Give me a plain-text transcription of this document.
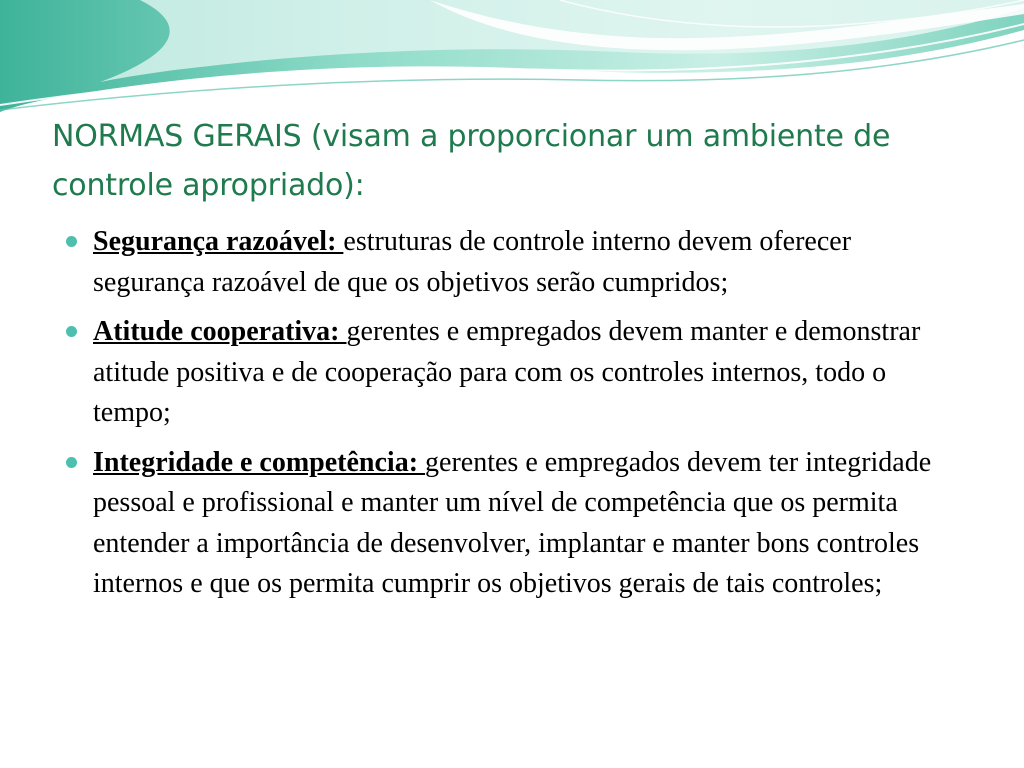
NORMAS GERAIS (visam a proporcionar um ambiente de controle apropriado):
Segurança razoável: estruturas de controle interno devem oferecer segurança razoável de que os objetivos serão cumpridos;
Atitude cooperativa: gerentes e empregados devem manter e demonstrar atitude positiva e de cooperação para com os controles internos, todo o tempo;
Integridade e competência: gerentes e empregados devem ter integridade pessoal e profissional e manter um nível de competência que os permita entender a importância de desenvolver, implantar e manter bons controles internos e que os permita cumprir os objetivos gerais de tais controles;
